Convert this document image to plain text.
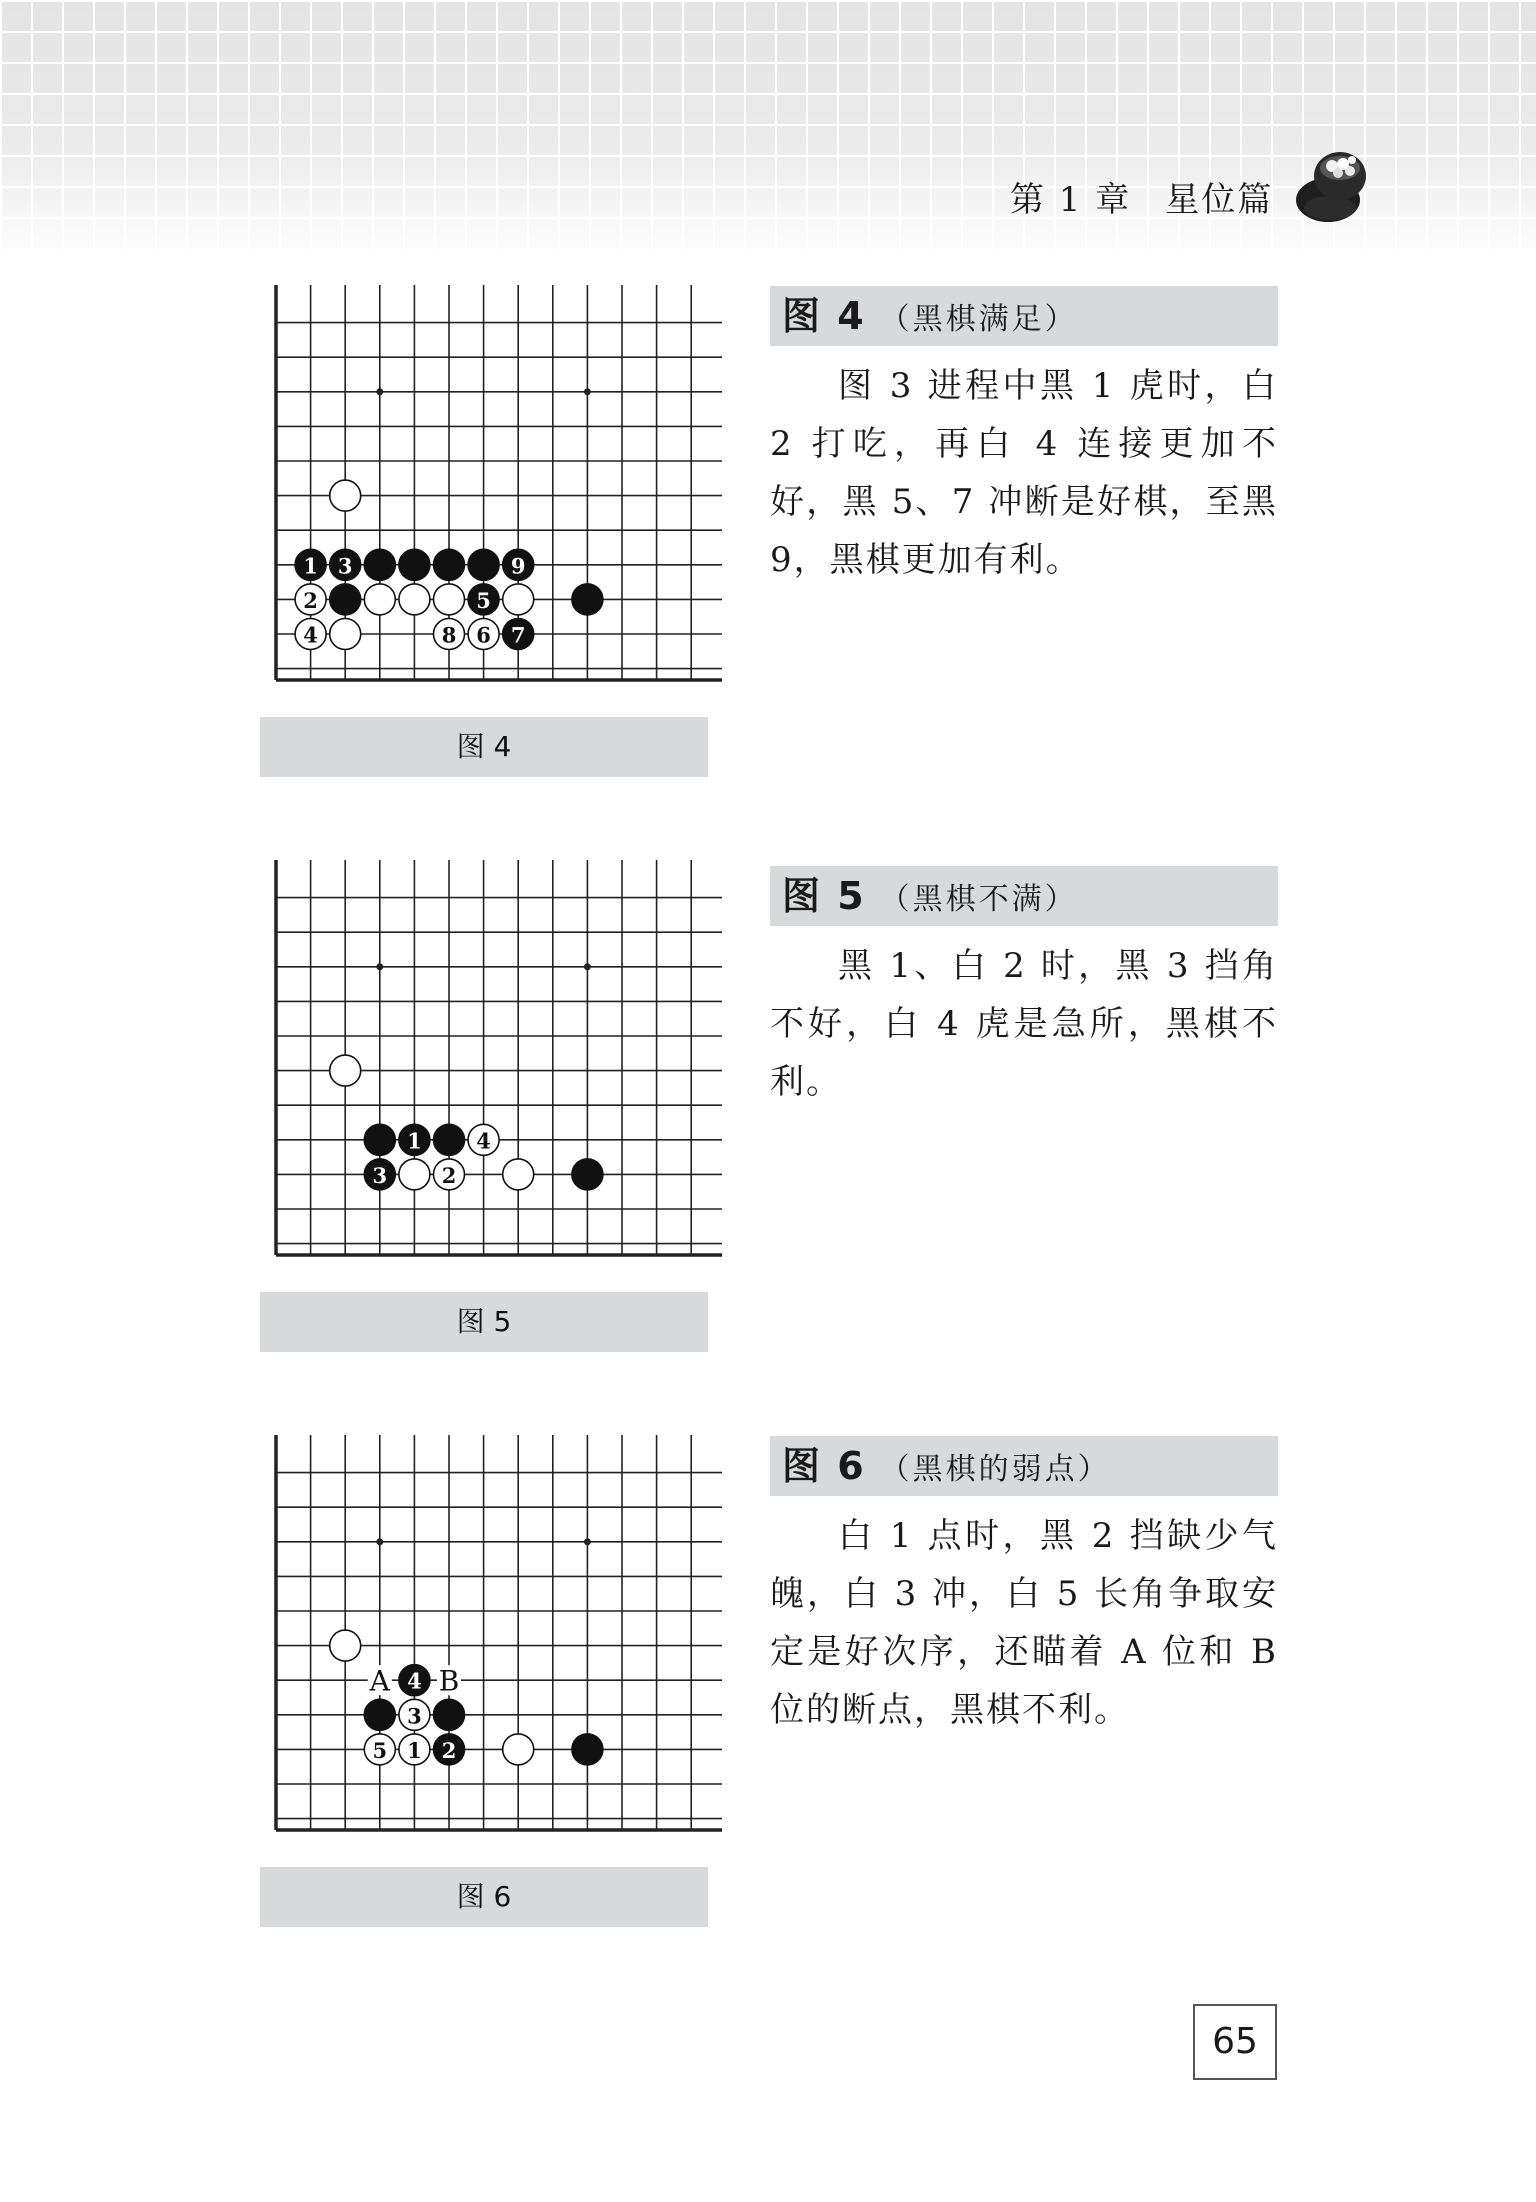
第 1 章 星位篇
1 3	9
2	5
4	8 6 7
图 4
图 4 （黑棋满足）

图 3 进程中黑 1 虎时，白 2 打吃，再白 4 连接更加不好，黑 5、7 冲断是好棋，至黑 9，黑棋更加有利。

1	4
3	2
图 5
图 5 （黑棋不满）

黑 1、白 2 时，黑 3 挡角不好，白 4 虎是急所，黑棋不利。

4
3
5 1 2
A B
图 6
图 6 （黑棋的弱点）

白 1 点时，黑 2 挡缺少气魄，白 3 冲，白 5 长角争取安定是好次序，还瞄着 A 位和 B 位的断点，黑棋不利。

65
